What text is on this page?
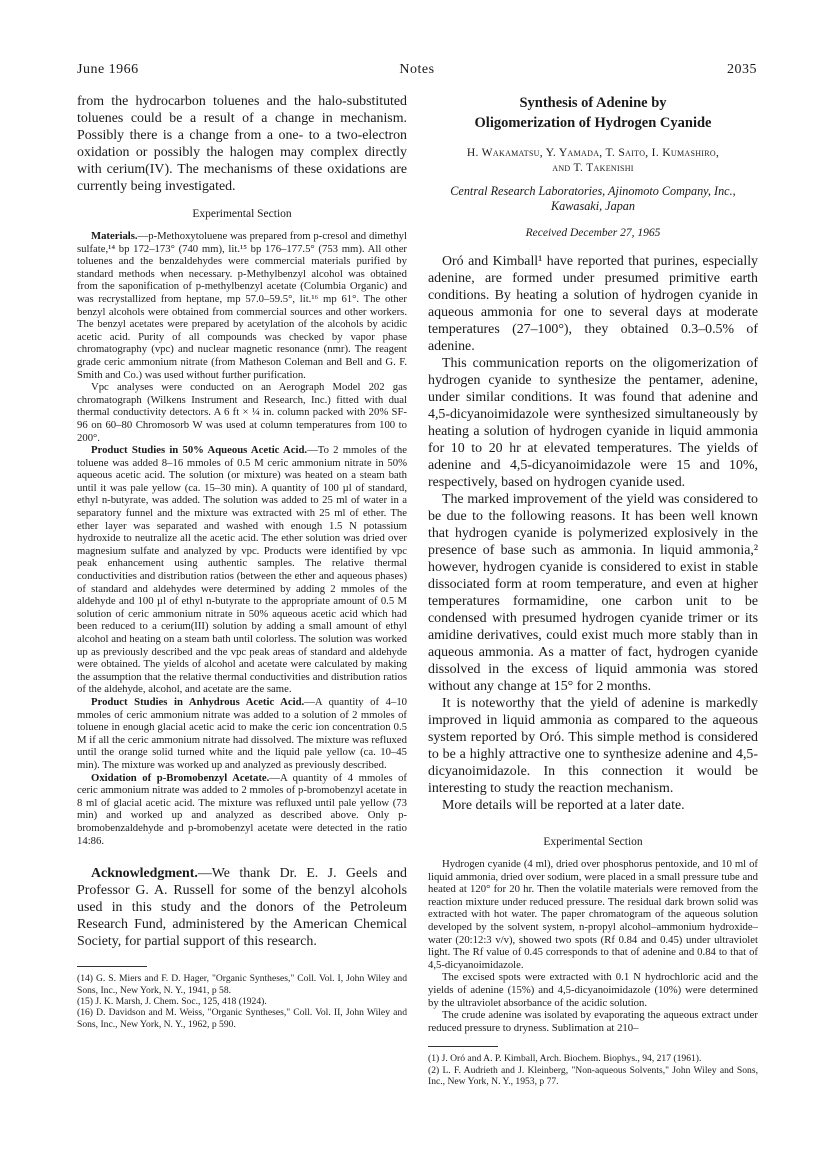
June 1966	Notes	2035

from the hydrocarbon toluenes and the halo-substituted toluenes could be a result of a change in mechanism. Possibly there is a change from a one- to a two-electron oxidation or possibly the halogen may complex directly with cerium(IV). The mechanisms of these oxidations are currently being investigated.

Experimental Section

Materials.—p-Methoxytoluene was prepared from p-cresol and dimethyl sulfate,¹⁴ bp 172–173° (740 mm), lit.¹⁵ bp 176–177.5° (753 mm). All other toluenes and the benzaldehydes were commercial materials purified by standard methods when necessary. p-Methylbenzyl alcohol was obtained from the saponification of p-methylbenzyl acetate (Columbia Organic) and was recrystallized from heptane, mp 57.0–59.5°, lit.¹⁶ mp 61°. The other benzyl alcohols were obtained from commercial sources and other workers. The benzyl acetates were prepared by acetylation of the alcohols by acidic acetic acid. Purity of all compounds was checked by vapor phase chromatography (vpc) and nuclear magnetic resonance (nmr). The reagent grade ceric ammonium nitrate (from Matheson Coleman and Bell and G. F. Smith and Co.) was used without further purification.

Vpc analyses were conducted on an Aerograph Model 202 gas chromatograph (Wilkens Instrument and Research, Inc.) fitted with dual thermal conductivity detectors. A 6 ft × ¼ in. column packed with 20% SF-96 on 60–80 Chromosorb W was used at column temperatures from 100 to 200°.

Product Studies in 50% Aqueous Acetic Acid.—To 2 mmoles of the toluene was added 8–16 mmoles of 0.5 M ceric ammonium nitrate in 50% aqueous acetic acid. The solution (or mixture) was heated on a steam bath until it was pale yellow (ca. 15–30 min). A quantity of 100 µl of standard, ethyl n-butyrate, was added. The solution was added to 25 ml of water in a separatory funnel and the mixture was extracted with 25 ml of ether. The ether layer was separated and washed with enough 1.5 N potassium hydroxide to neutralize all the acetic acid. The ether solution was dried over magnesium sulfate and analyzed by vpc. Products were identified by vpc peak enhancement using authentic samples. The relative thermal conductivities and distribution ratios (between the ether and aqueous phases) of standard and aldehydes were determined by adding 2 mmoles of the aldehyde and 100 µl of ethyl n-butyrate to the appropriate amount of 0.5 M solution of ceric ammonium nitrate in 50% aqueous acetic acid which had been reduced to a cerium(III) solution by adding a small amount of ethyl alcohol and heating on a steam bath until colorless. The solution was worked up as previously described and the vpc peak areas of standard and aldehyde were obtained. The yields of alcohol and acetate were calculated by making the assumption that the relative thermal conductivities and distribution ratios of the aldehyde, alcohol, and acetate are the same.

Product Studies in Anhydrous Acetic Acid.—A quantity of 4–10 mmoles of ceric ammonium nitrate was added to a solution of 2 mmoles of toluene in enough glacial acetic acid to make the ceric ion concentration 0.5 M if all the ceric ammonium nitrate had dissolved. The mixture was refluxed until the orange solid turned white and the liquid pale yellow (ca. 10–45 min). The mixture was worked up and analyzed as previously described.

Oxidation of p-Bromobenzyl Acetate.—A quantity of 4 mmoles of ceric ammonium nitrate was added to 2 mmoles of p-bromobenzyl acetate in 8 ml of glacial acetic acid. The mixture was refluxed until pale yellow (73 min) and worked up and analyzed as described above. Only p-bromobenzaldehyde and p-bromobenzyl acetate were detected in the ratio 14:86.

Acknowledgment.—We thank Dr. E. J. Geels and Professor G. A. Russell for some of the benzyl alcohols used in this study and the donors of the Petroleum Research Fund, administered by the American Chemical Society, for partial support of this research.

(14) G. S. Miers and F. D. Hager, "Organic Syntheses," Coll. Vol. I, John Wiley and Sons, Inc., New York, N. Y., 1941, p 58.

(15) J. K. Marsh, J. Chem. Soc., 125, 418 (1924).

(16) D. Davidson and M. Weiss, "Organic Syntheses," Coll. Vol. II, John Wiley and Sons, Inc., New York, N. Y., 1962, p 590.

Synthesis of Adenine by
Oligomerization of Hydrogen Cyanide
H. Wakamatsu, Y. Yamada, T. Saito, I. Kumashiro,
and T. Takenishi
Central Research Laboratories, Ajinomoto Company, Inc.,
Kawasaki, Japan
Received December 27, 1965

Oró and Kimball¹ have reported that purines, especially adenine, are formed under presumed primitive earth conditions. By heating a solution of hydrogen cyanide in aqueous ammonia for one to several days at moderate temperatures (27–100°), they obtained 0.3–0.5% of adenine.

This communication reports on the oligomerization of hydrogen cyanide to synthesize the pentamer, adenine, under similar conditions. It was found that adenine and 4,5-dicyanoimidazole were synthesized simultaneously by heating a solution of hydrogen cyanide in liquid ammonia for 10 to 20 hr at elevated temperatures. The yields of adenine and 4,5-dicyanoimidazole were 15 and 10%, respectively, based on hydrogen cyanide used.

The marked improvement of the yield was considered to be due to the following reasons. It has been well known that hydrogen cyanide is polymerized explosively in the presence of base such as ammonia. In liquid ammonia,² however, hydrogen cyanide is considered to exist in stable dissociated form at room temperature, and even at higher temperatures formamidine, one carbon unit to be condensed with presumed hydrogen cyanide trimer or its amidine derivatives, could exist much more stably than in aqueous ammonia. As a matter of fact, hydrogen cyanide dissolved in the excess of liquid ammonia was stored without any change at 15° for 2 months.

It is noteworthy that the yield of adenine is markedly improved in liquid ammonia as compared to the aqueous system reported by Oró. This simple method is considered to be a highly attractive one to synthesize adenine and 4,5-dicyanoimidazole. In this connection it would be interesting to study the reaction mechanism.

More details will be reported at a later date.

Experimental Section

Hydrogen cyanide (4 ml), dried over phosphorus pentoxide, and 10 ml of liquid ammonia, dried over sodium, were placed in a small pressure tube and heated at 120° for 20 hr. Then the volatile materials were removed from the reaction mixture under reduced pressure. The residual dark brown solid was extracted with hot water. The paper chromatogram of the aqueous solution developed by the solvent system, n-propyl alcohol–ammonium hydroxide–water (20:12:3 v/v), showed two spots (Rf 0.84 and 0.45) under ultraviolet light. The Rf value of 0.45 corresponds to that of adenine and 0.84 to that of 4,5-dicyanoimidazole.

The excised spots were extracted with 0.1 N hydrochloric acid and the yields of adenine (15%) and 4,5-dicyanoimidazole (10%) were determined by the ultraviolet absorbance of the acidic solution.

The crude adenine was isolated by evaporating the aqueous extract under reduced pressure to dryness. Sublimation at 210–

(1) J. Oró and A. P. Kimball, Arch. Biochem. Biophys., 94, 217 (1961).

(2) L. F. Audrieth and J. Kleinberg, "Non-aqueous Solvents," John Wiley and Sons, Inc., New York, N. Y., 1953, p 77.
